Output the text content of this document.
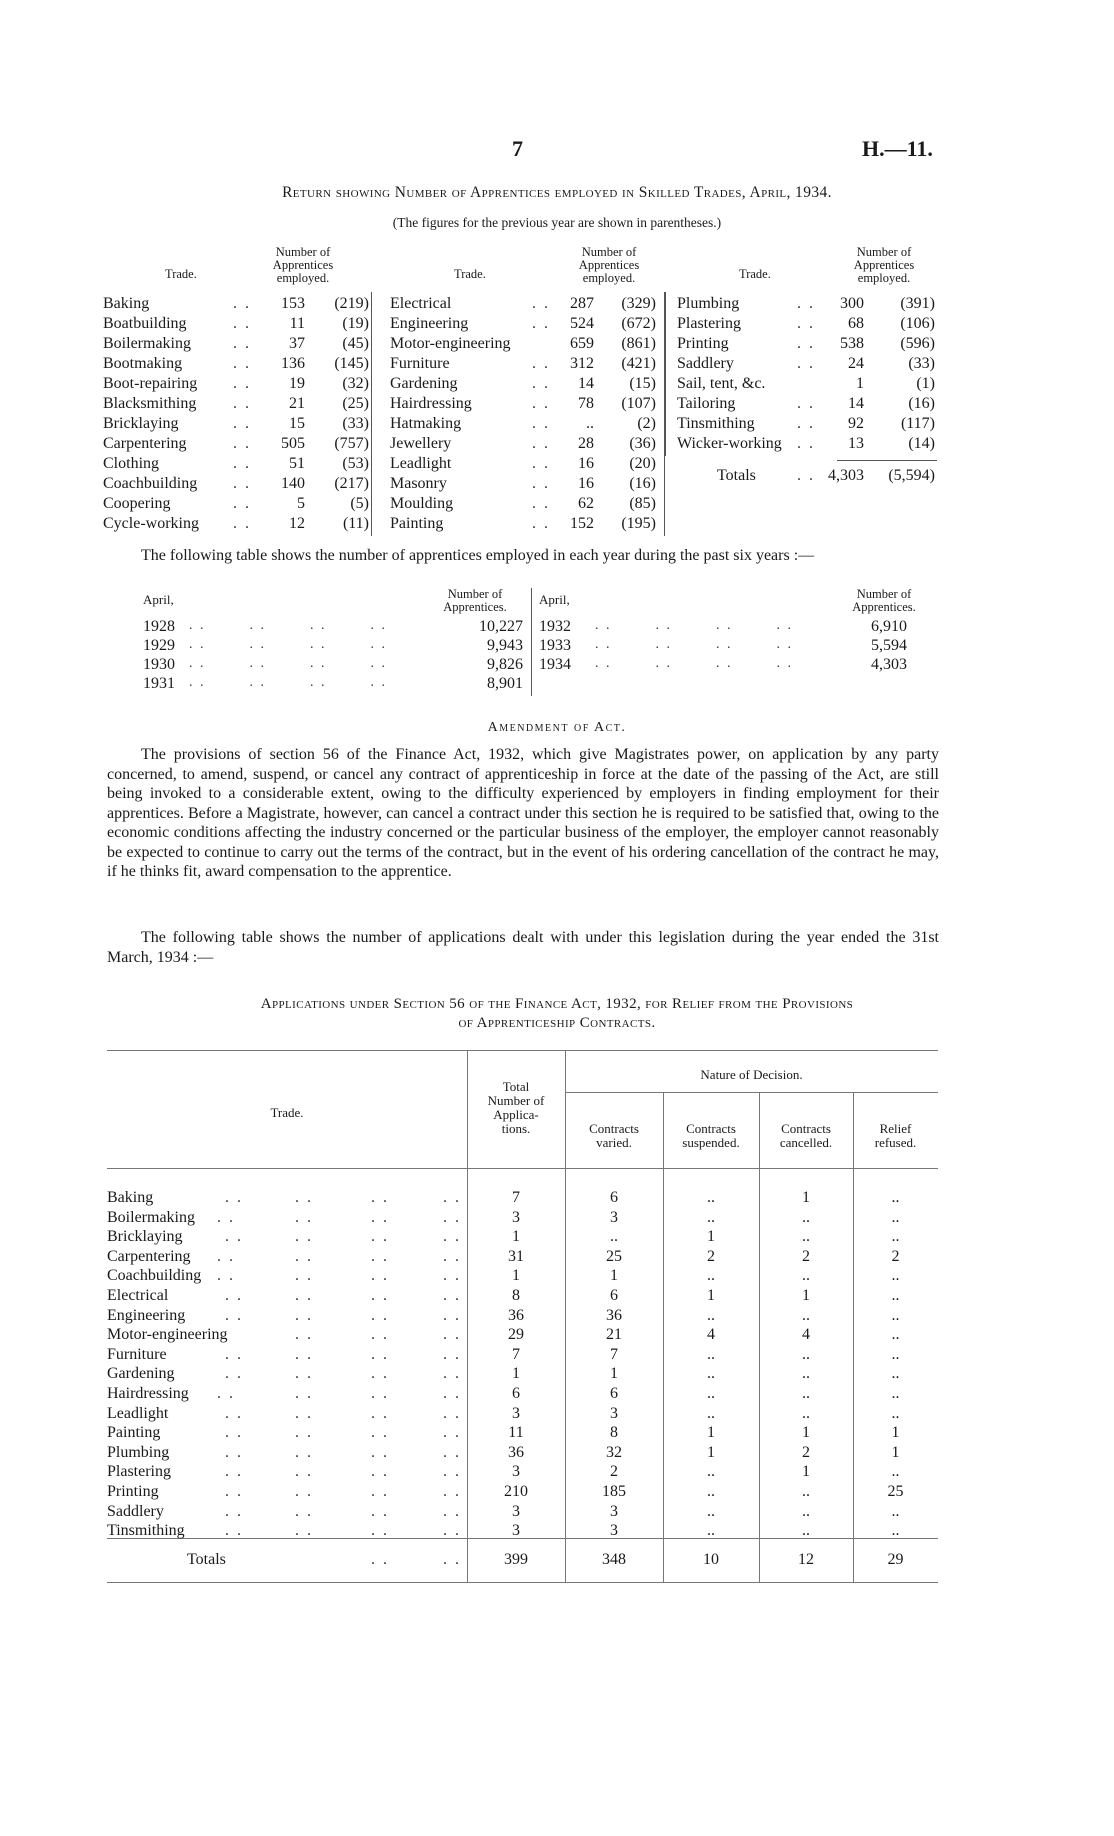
7	H.—11.
Return showing Number of Apprentices employed in Skilled Trades, April, 1934.
(The figures for the previous year are shown in parentheses.)
Trade.
Number of
Apprentices
employed.
Baking	. . 153 (219)
Boatbuilding	. . 11 (19)
Boilermaking	. . 37 (45)
Bootmaking	. . 136 (145)
Boot-repairing . . 19 (32)
Blacksmithing . . 21 (25)
Bricklaying	. . 15 (33)
Carpentering	. . 505 (757)
Clothing	. . 51 (53)
Coachbuilding . . 140 (217)
Coopering	. .	5	(5)
Cycle-working . . 12 (11)
Trade.
Number of
Apprentices
employed.
Electrical	. . 287 (329)
Engineering	. . 524 (672)
Motor-engineering	659 (861)
Furniture	. . 312 (421)
Gardening	. . 14 (15)
Hairdressing	. . 78 (107)
Hatmaking	. . ..	(2)
Jewellery	. . 28 (36)
Leadlight	. . 16 (20)
Masonry	. . 16 (16)
Moulding	. . 62 (85)
Painting	. . 152 (195)
Trade.
Number of
Apprentices
employed.
Plumbing	. . 300 (391)
Plastering	. . 68 (106)
Printing	. . 538 (596)
Saddlery	. . 24	(33)
Sail, tent, &c.	1	(1)
Tailoring	. . 14	(16)
Tinsmithing	. . 92 (117)
Wicker-working . . 13	(14)
Totals	. . 4,303 (5,594)
The following table shows the number of apprentices employed in each year during the past six years :—
April,	Number of
Apprentices.	April,	Number of
Apprentices.
1928 . .        . .        . .        . .	10,227
1929 . .        . .        . .        . .	9,943
1930 . .        . .        . .        . .	9,826
1931 . .        . .        . .        . .	8,901
1932 . .        . .        . .        . .	6,910
1933 . .        . .        . .        . .	5,594
1934 . .        . .        . .        . .	4,303
Amendment of Act.
The provisions of section 56 of the Finance Act, 1932, which give Magistrates power, on application by any party concerned, to amend, suspend, or cancel any contract of apprenticeship in force at the date of the passing of the Act, are still being invoked to a considerable extent, owing to the difficulty experienced by employers in finding employment for their apprentices. Before a Magistrate, however, can cancel a contract under this section he is required to be satisfied that, owing to the economic conditions affecting the industry concerned or the particular business of the employer, the employer cannot reasonably be expected to continue to carry out the terms of the contract, but in the event of his ordering cancellation of the contract he may, if he thinks fit, award compensation to the apprentice.
The following table shows the number of applications dealt with under this legislation during the year ended the 31st March, 1934 :—
Applications under Section 56 of the Finance Act, 1932, for Relief from the Provisions
of Apprenticeship Contracts.
Trade.
Total
Number of
Applica-
tions.
Nature of Decision.
Contracts
varied.
Contracts
suspended.
Contracts
cancelled.
Relief
refused.
Baking	. .	. .	. .	. .	7	6	..	1	..
Boilermaking . .	. .	. .	. .	3	3	..	..	..
Bricklaying	. .	. .	. .	. .	1	..	1	..	..
Carpentering . .	. .	. .	. .	31	25	2	2	2
Coachbuilding . .	. .	. .	. .	1	1	..	..	..
Electrical	. .	. .	. .	. .	8	6	1	1	..
Engineering . .	. .	. .	. .	36	36	..	..	..
Motor-engineering	. .	. .	. .	29	21	4	4	..
Furniture	. .	. .	. .	. .	7	7	..	..	..
Gardening	. .	. .	. .	. .	1	1	..	..	..
Hairdressing . .	. .	. .	. .	6	6	..	..	..
Leadlight	. .	. .	. .	. .	3	3	..	..	..
Painting	. .	. .	. .	. .	11	8	1	1	1
Plumbing	. .	. .	. .	. .	36	32	1	2	1
Plastering	. .	. .	. .	. .	3	2	..	1	..
Printing	. .	. .	. .	. .	210	185	..	..	25
Saddlery	. .	. .	. .	. .	3	3	..	..	..
Tinsmithing	. .	. .	. .	. .	3	3	..	..	..
Totals	. .	. .	399	348	10	12	29
